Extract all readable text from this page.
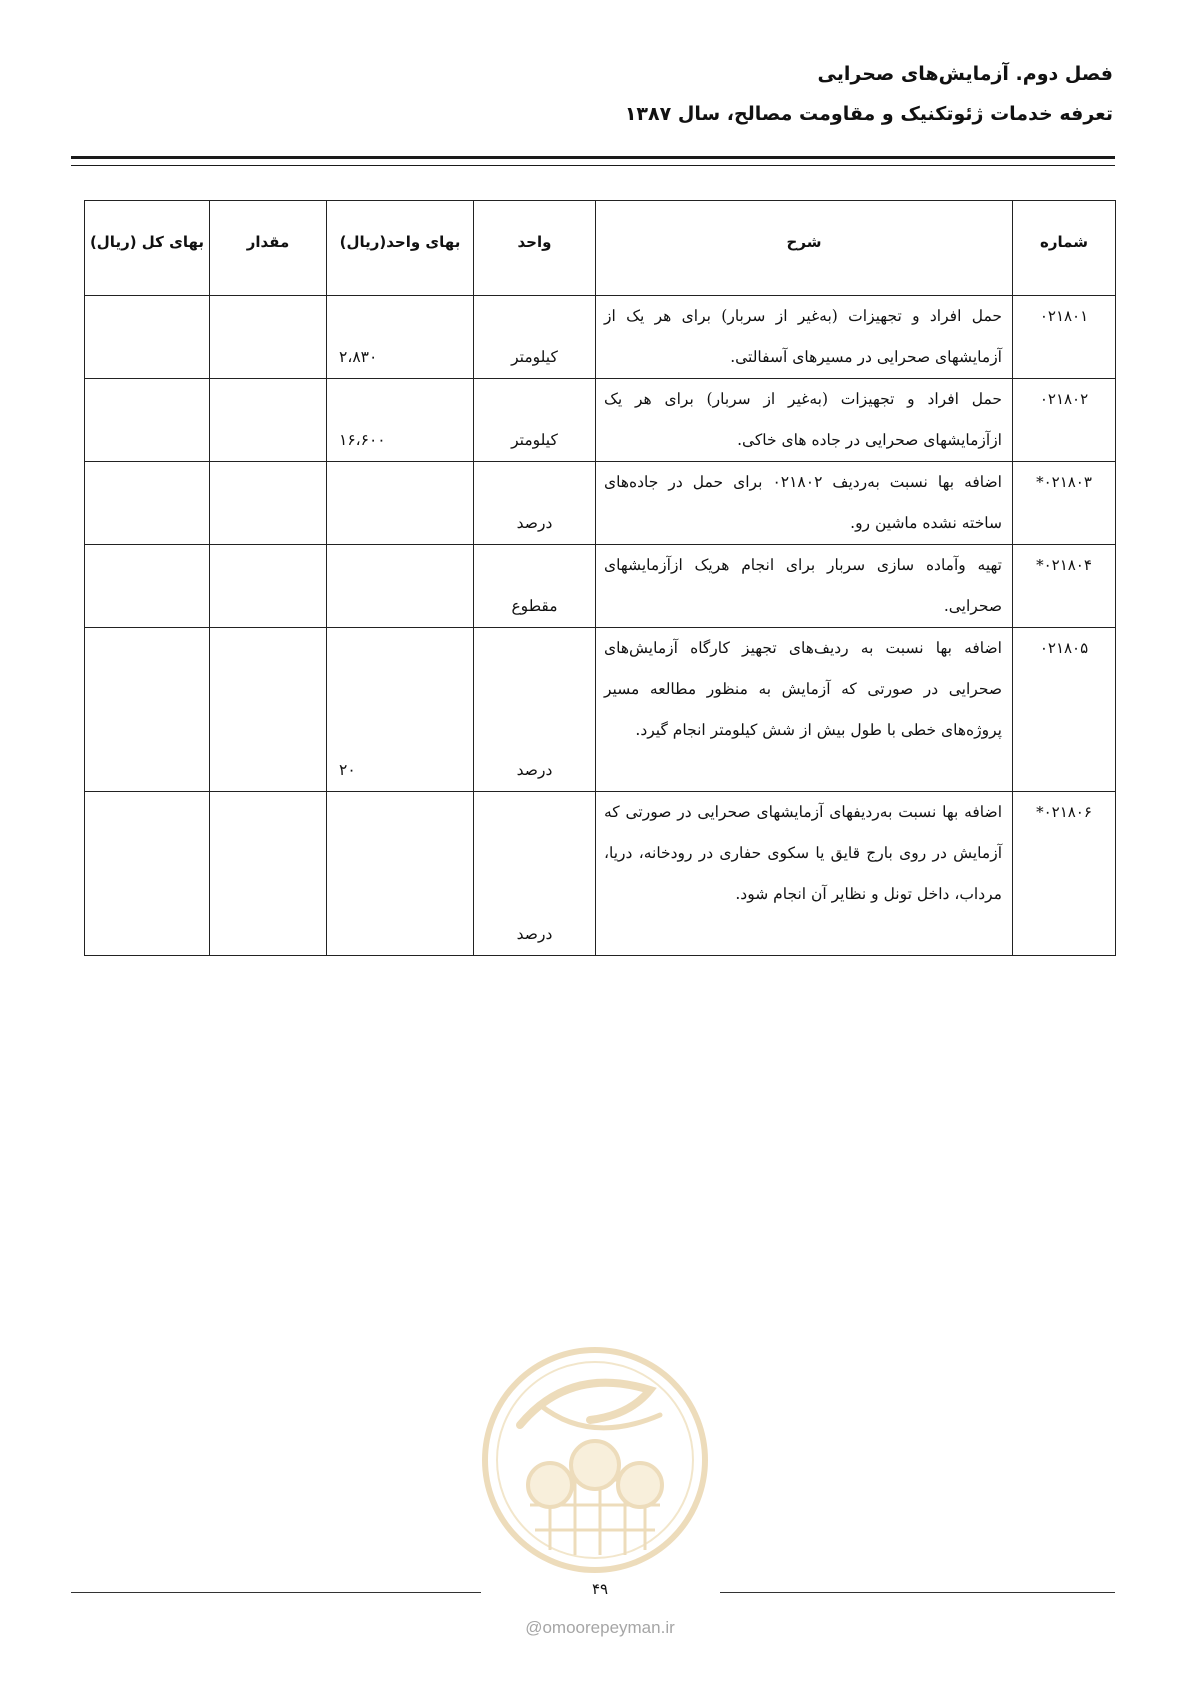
فصل دوم. آزمایش‌های صحرایی
تعرفه خدمات ژئوتکنیک و مقاومت مصالح، سال ۱۳۸۷
شماره	شرح	واحد	بهای واحد(ریال)	مقدار	بهای کل (ریال)
۰۲۱۸۰۱	حمل افراد و تجهیزات (به‌غیر از سربار) برای هر یک از آزمایشهای صحرایی در مسیرهای آسفالتی.	کیلومتر	۲،۸۳۰		
۰۲۱۸۰۲	حمل افراد و تجهیزات (به‌غیر از سربار) برای هر یک ازآزمایشهای صحرایی در جاده های خاکی.	کیلومتر	۱۶،۶۰۰		
۰۲۱۸۰۳*	اضافه بها نسبت به‌ردیف ۰۲۱۸۰۲ برای حمل در جاده‌های ساخته نشده ماشین رو.	درصد			
۰۲۱۸۰۴*	تهیه وآماده سازی سربار برای انجام هریک ازآزمایشهای صحرایی.	مقطوع			
۰۲۱۸۰۵	اضافه بها نسبت به ردیف‌های تجهیز کارگاه آزمایش‌های صحرایی در صورتی که آزمایش به منظور مطالعه مسیر پروژه‌های خطی با طول بیش از شش کیلومتر انجام گیرد.	درصد	۲۰		
۰۲۱۸۰۶*	اضافه بها نسبت به‌ردیفهای آزمایشهای صحرایی در صورتی که آزمایش در روی بارج قایق یا سکوی حفاری در رودخانه، دریا، مرداب، داخل تونل و نظایر آن انجام شود.	درصد			
۴۹
@omoorepeyman.ir
